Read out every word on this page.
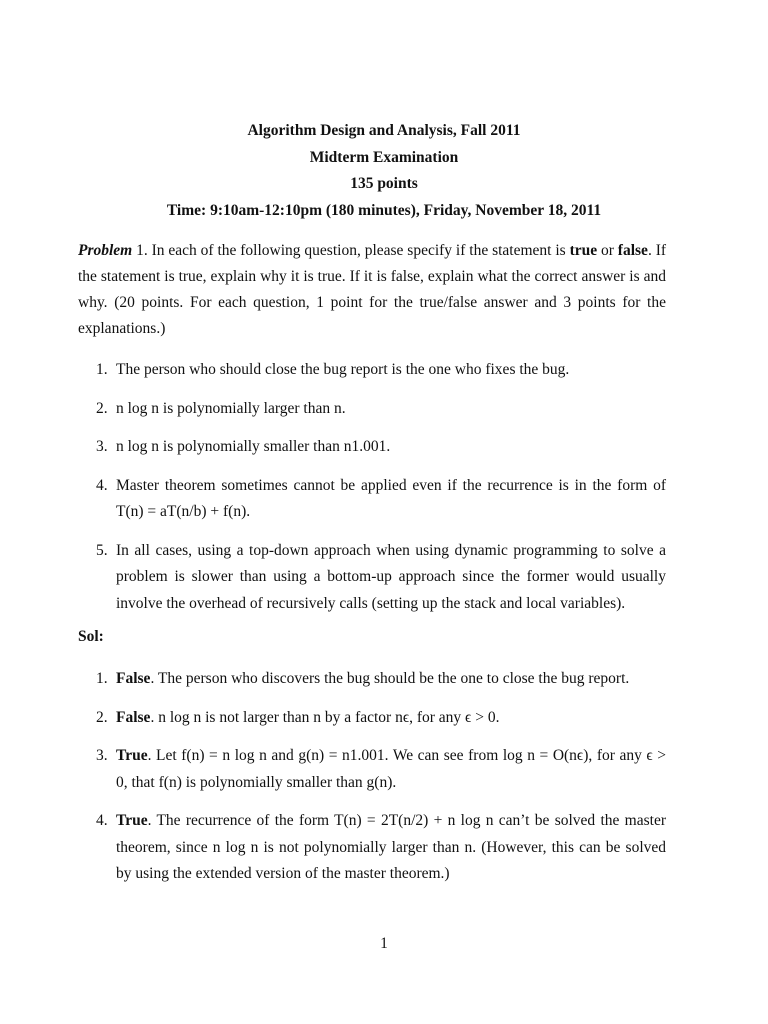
Algorithm Design and Analysis, Fall 2011
Midterm Examination
135 points
Time: 9:10am-12:10pm (180 minutes), Friday, November 18, 2011
Problem 1. In each of the following question, please specify if the statement is true or false. If the statement is true, explain why it is true. If it is false, explain what the correct answer is and why. (20 points. For each question, 1 point for the true/false answer and 3 points for the explanations.)
1. The person who should close the bug report is the one who fixes the bug.
2. n log n is polynomially larger than n.
3. n log n is polynomially smaller than n1.001.
4. Master theorem sometimes cannot be applied even if the recurrence is in the form of T(n) = aT(n/b) + f(n).
5. In all cases, using a top-down approach when using dynamic programming to solve a problem is slower than using a bottom-up approach since the former would usually involve the overhead of recursively calls (setting up the stack and local variables).
Sol:
1. False. The person who discovers the bug should be the one to close the bug report.
2. False. n log n is not larger than n by a factor nϵ, for any ϵ > 0.
3. True. Let f(n) = n log n and g(n) = n1.001. We can see from log n = O(nϵ), for any ϵ > 0, that f(n) is polynomially smaller than g(n).
4. True. The recurrence of the form T(n) = 2T(n/2) + n log n can’t be solved the master theorem, since n log n is not polynomially larger than n. (However, this can be solved by using the extended version of the master theorem.)
1
